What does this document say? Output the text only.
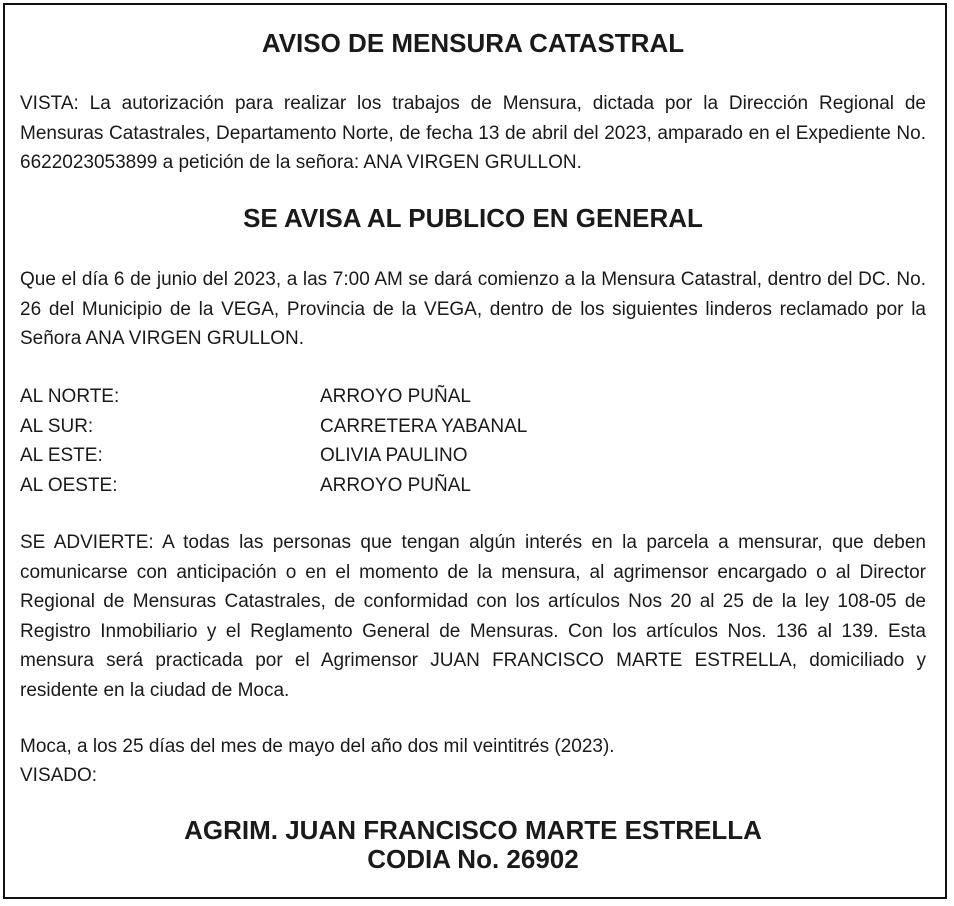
AVISO DE MENSURA CATASTRAL

VISTA: La autorización para realizar los trabajos de Mensura, dictada por la Dirección Regional de Mensuras Catastrales, Departamento Norte, de fecha 13 de abril del 2023, amparado en el Expediente No. 6622023053899 a petición de la señora: ANA VIRGEN GRULLON.

SE AVISA AL PUBLICO EN GENERAL

Que el día 6 de junio del 2023, a las 7:00 AM se dará comienzo a la Mensura Catastral, dentro del DC. No. 26 del Municipio de la VEGA, Provincia de la VEGA, dentro de los siguientes linderos reclamado por la Señora ANA VIRGEN GRULLON.

AL NORTE:	ARROYO PUÑAL
AL SUR:	CARRETERA YABANAL
AL ESTE:	OLIVIA PAULINO
AL OESTE:	ARROYO PUÑAL

SE ADVIERTE: A todas las personas que tengan algún interés en la parcela a mensurar, que deben comunicarse con anticipación o en el momento de la mensura, al agrimensor encargado o al Director Regional de Mensuras Catastrales, de conformidad con los artículos Nos 20 al 25 de la ley 108-05 de Registro Inmobiliario y el Reglamento General de Mensuras. Con los artículos Nos. 136 al 139. Esta mensura será practicada por el Agrimensor JUAN FRANCISCO MARTE ESTRELLA, domiciliado y residente en la ciudad de Moca.

Moca, a los 25 días del mes de mayo del año dos mil veintitrés (2023).

VISADO:

AGRIM. JUAN FRANCISCO MARTE ESTRELLA
CODIA No. 26902
